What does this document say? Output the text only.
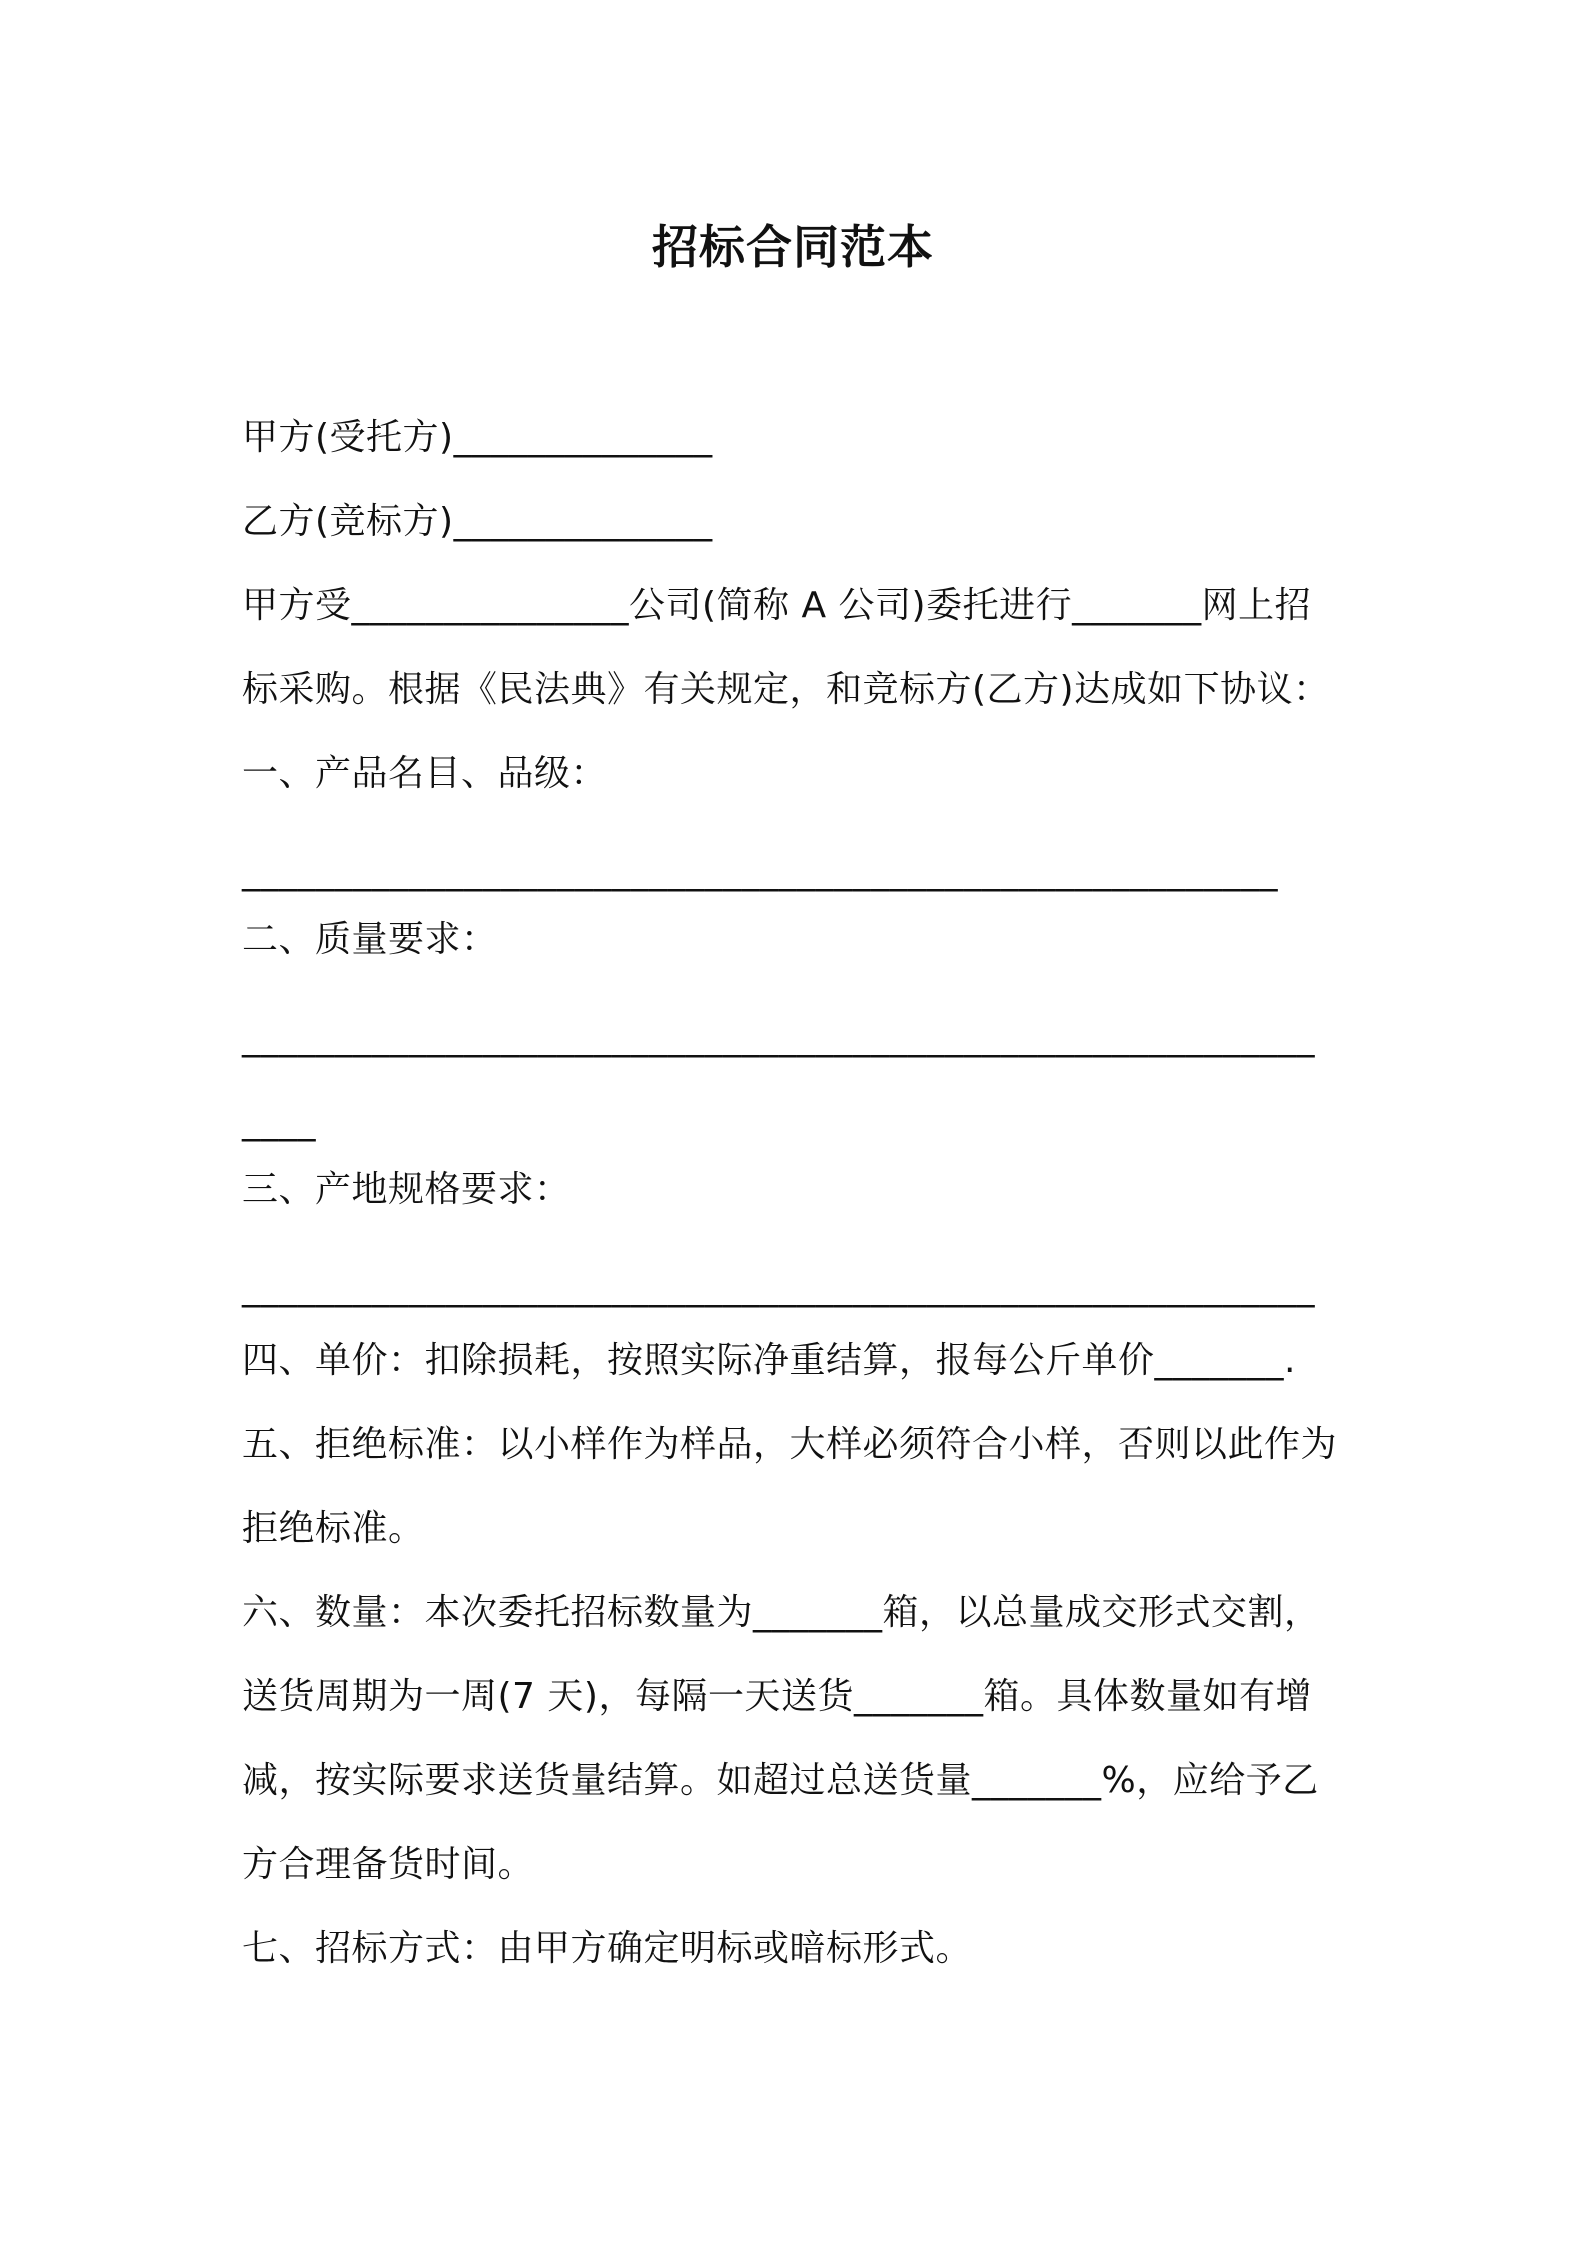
招标合同范本
甲方(受托方)______________
乙方(竞标方)______________
甲方受_______________公司(简称 A 公司)委托进行_______网上招
标采购。根据《民法典》有关规定，和竞标方(乙方)达成如下协议：
一、产品名目、品级：
________________________________________________________
二、质量要求：
__________________________________________________________
____
三、产地规格要求：
__________________________________________________________
四、单价：扣除损耗，按照实际净重结算，报每公斤单价_______.
五、拒绝标准：以小样作为样品，大样必须符合小样，否则以此作为
拒绝标准。
六、数量：本次委托招标数量为_______箱，以总量成交形式交割，
送货周期为一周(7 天)，每隔一天送货_______箱。具体数量如有增
减，按实际要求送货量结算。如超过总送货量_______%，应给予乙
方合理备货时间。
七、招标方式：由甲方确定明标或暗标形式。
